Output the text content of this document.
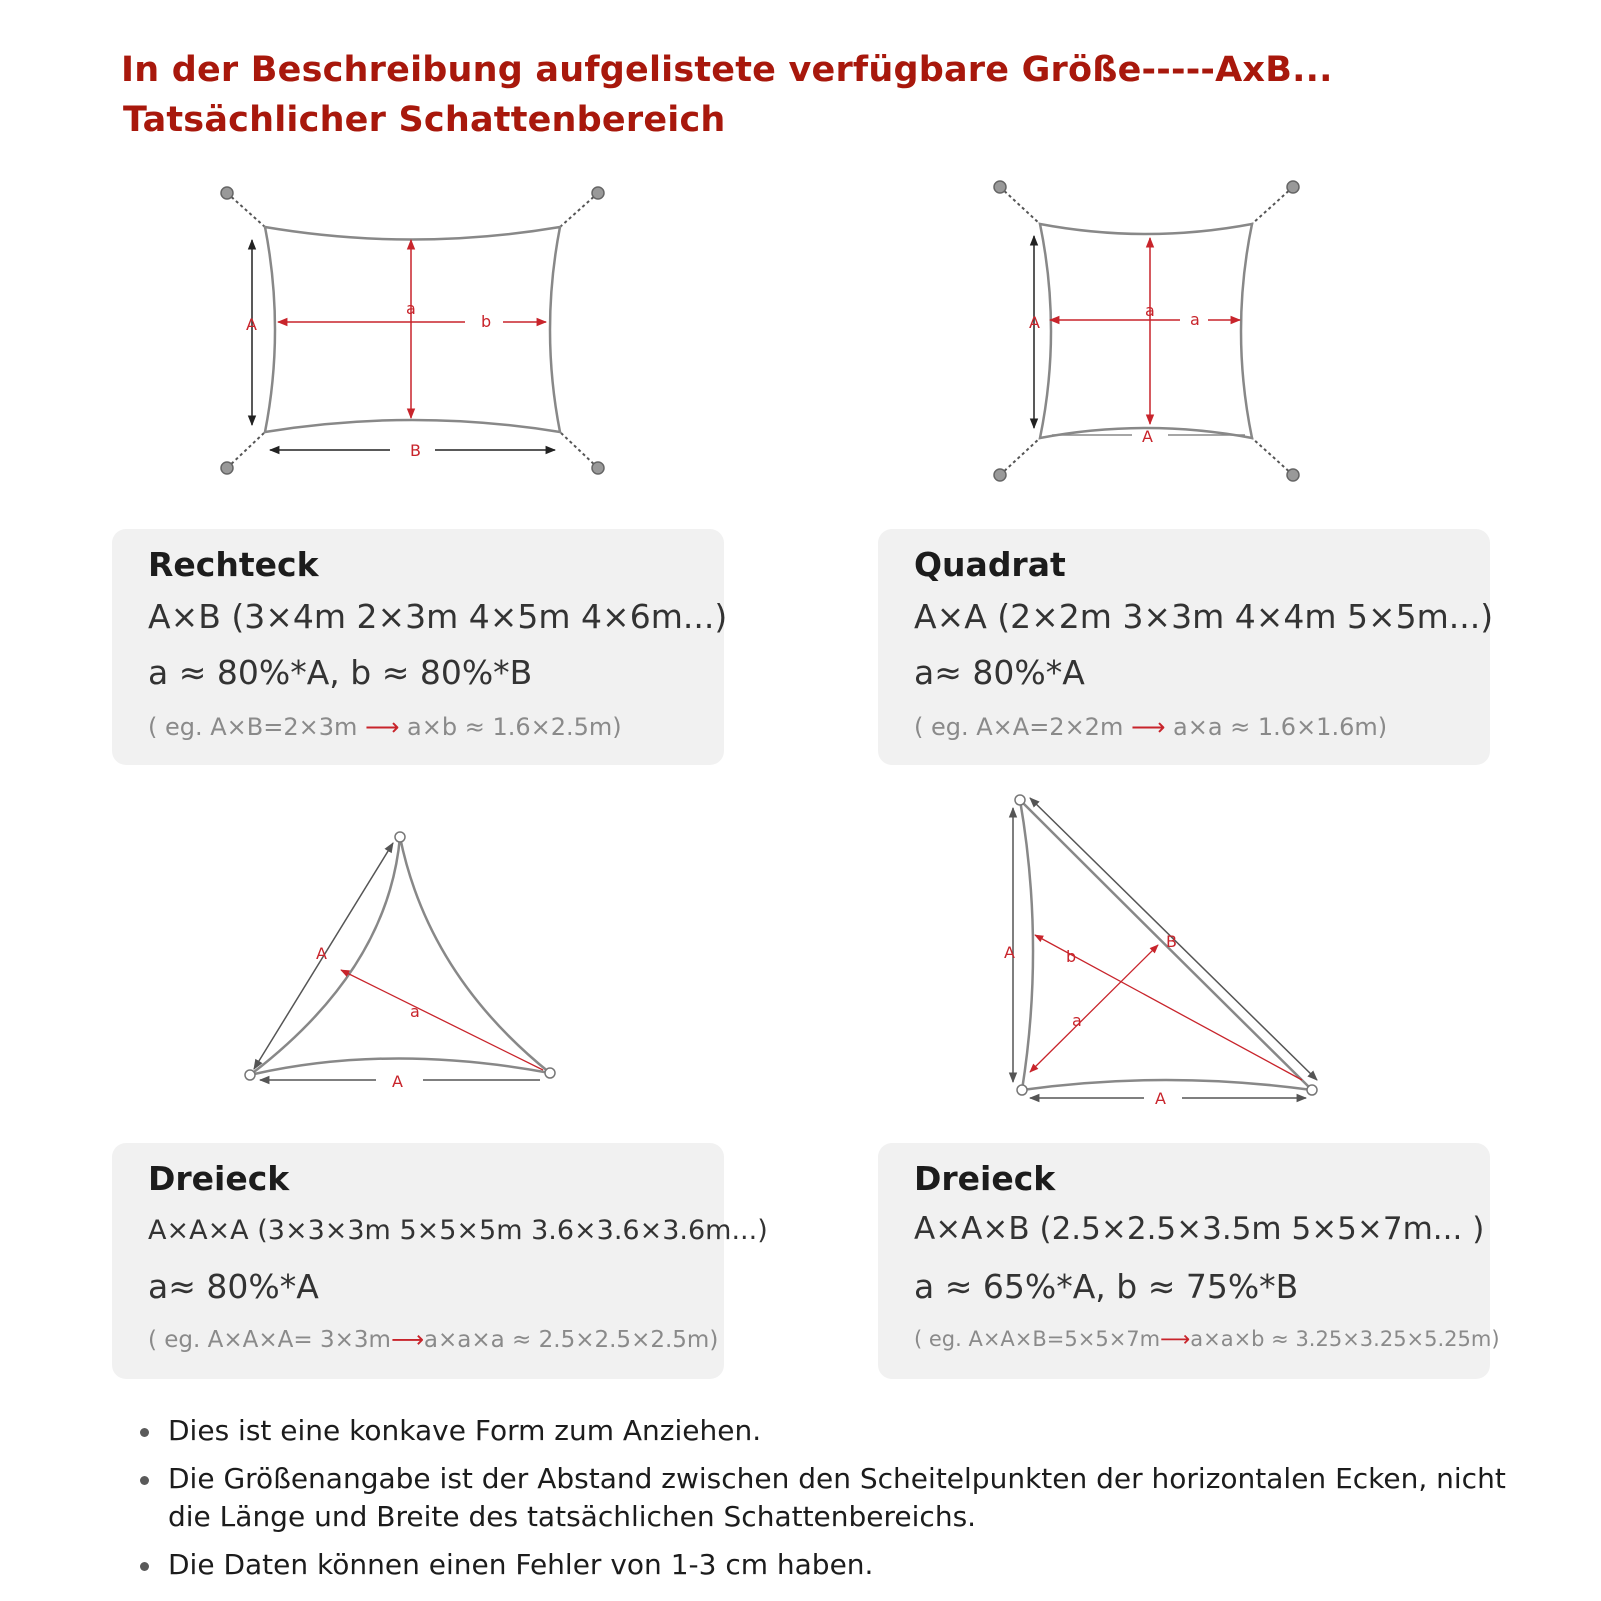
In der Beschreibung aufgelistete verfügbare Größe-----AxB...
Tatsächlicher Schattenbereich
A
B
a
b	A
A
a a
Rechteck
A×B (3×4m 2×3m 4×5m 4×6m...)
a ≈ 80%*A, b ≈ 80%*B
( eg. A×B=2×3m ⟶ a×b ≈ 1.6×2.5m)
Quadrat
A×A (2×2m 3×3m 4×4m 5×5m...)
a≈ 80%*A
( eg. A×A=2×2m ⟶ a×a ≈ 1.6×1.6m)
A
A
a
A
B
A
a
b
Dreieck
A×A×A (3×3×3m 5×5×5m 3.6×3.6×3.6m...)
a≈ 80%*A
( eg. A×A×A= 3×3m⟶a×a×a ≈ 2.5×2.5×2.5m)
Dreieck
A×A×B (2.5×2.5×3.5m 5×5×7m... )
a ≈ 65%*A, b ≈ 75%*B
( eg. A×A×B=5×5×7m⟶a×a×b ≈ 3.25×3.25×5.25m)
Dies ist eine konkave Form zum Anziehen.
Die Größenangabe ist der Abstand zwischen den Scheitelpunkten der horizontalen Ecken, nicht die Länge und Breite des tatsächlichen Schattenbereichs.
Die Daten können einen Fehler von 1-3 cm haben.
